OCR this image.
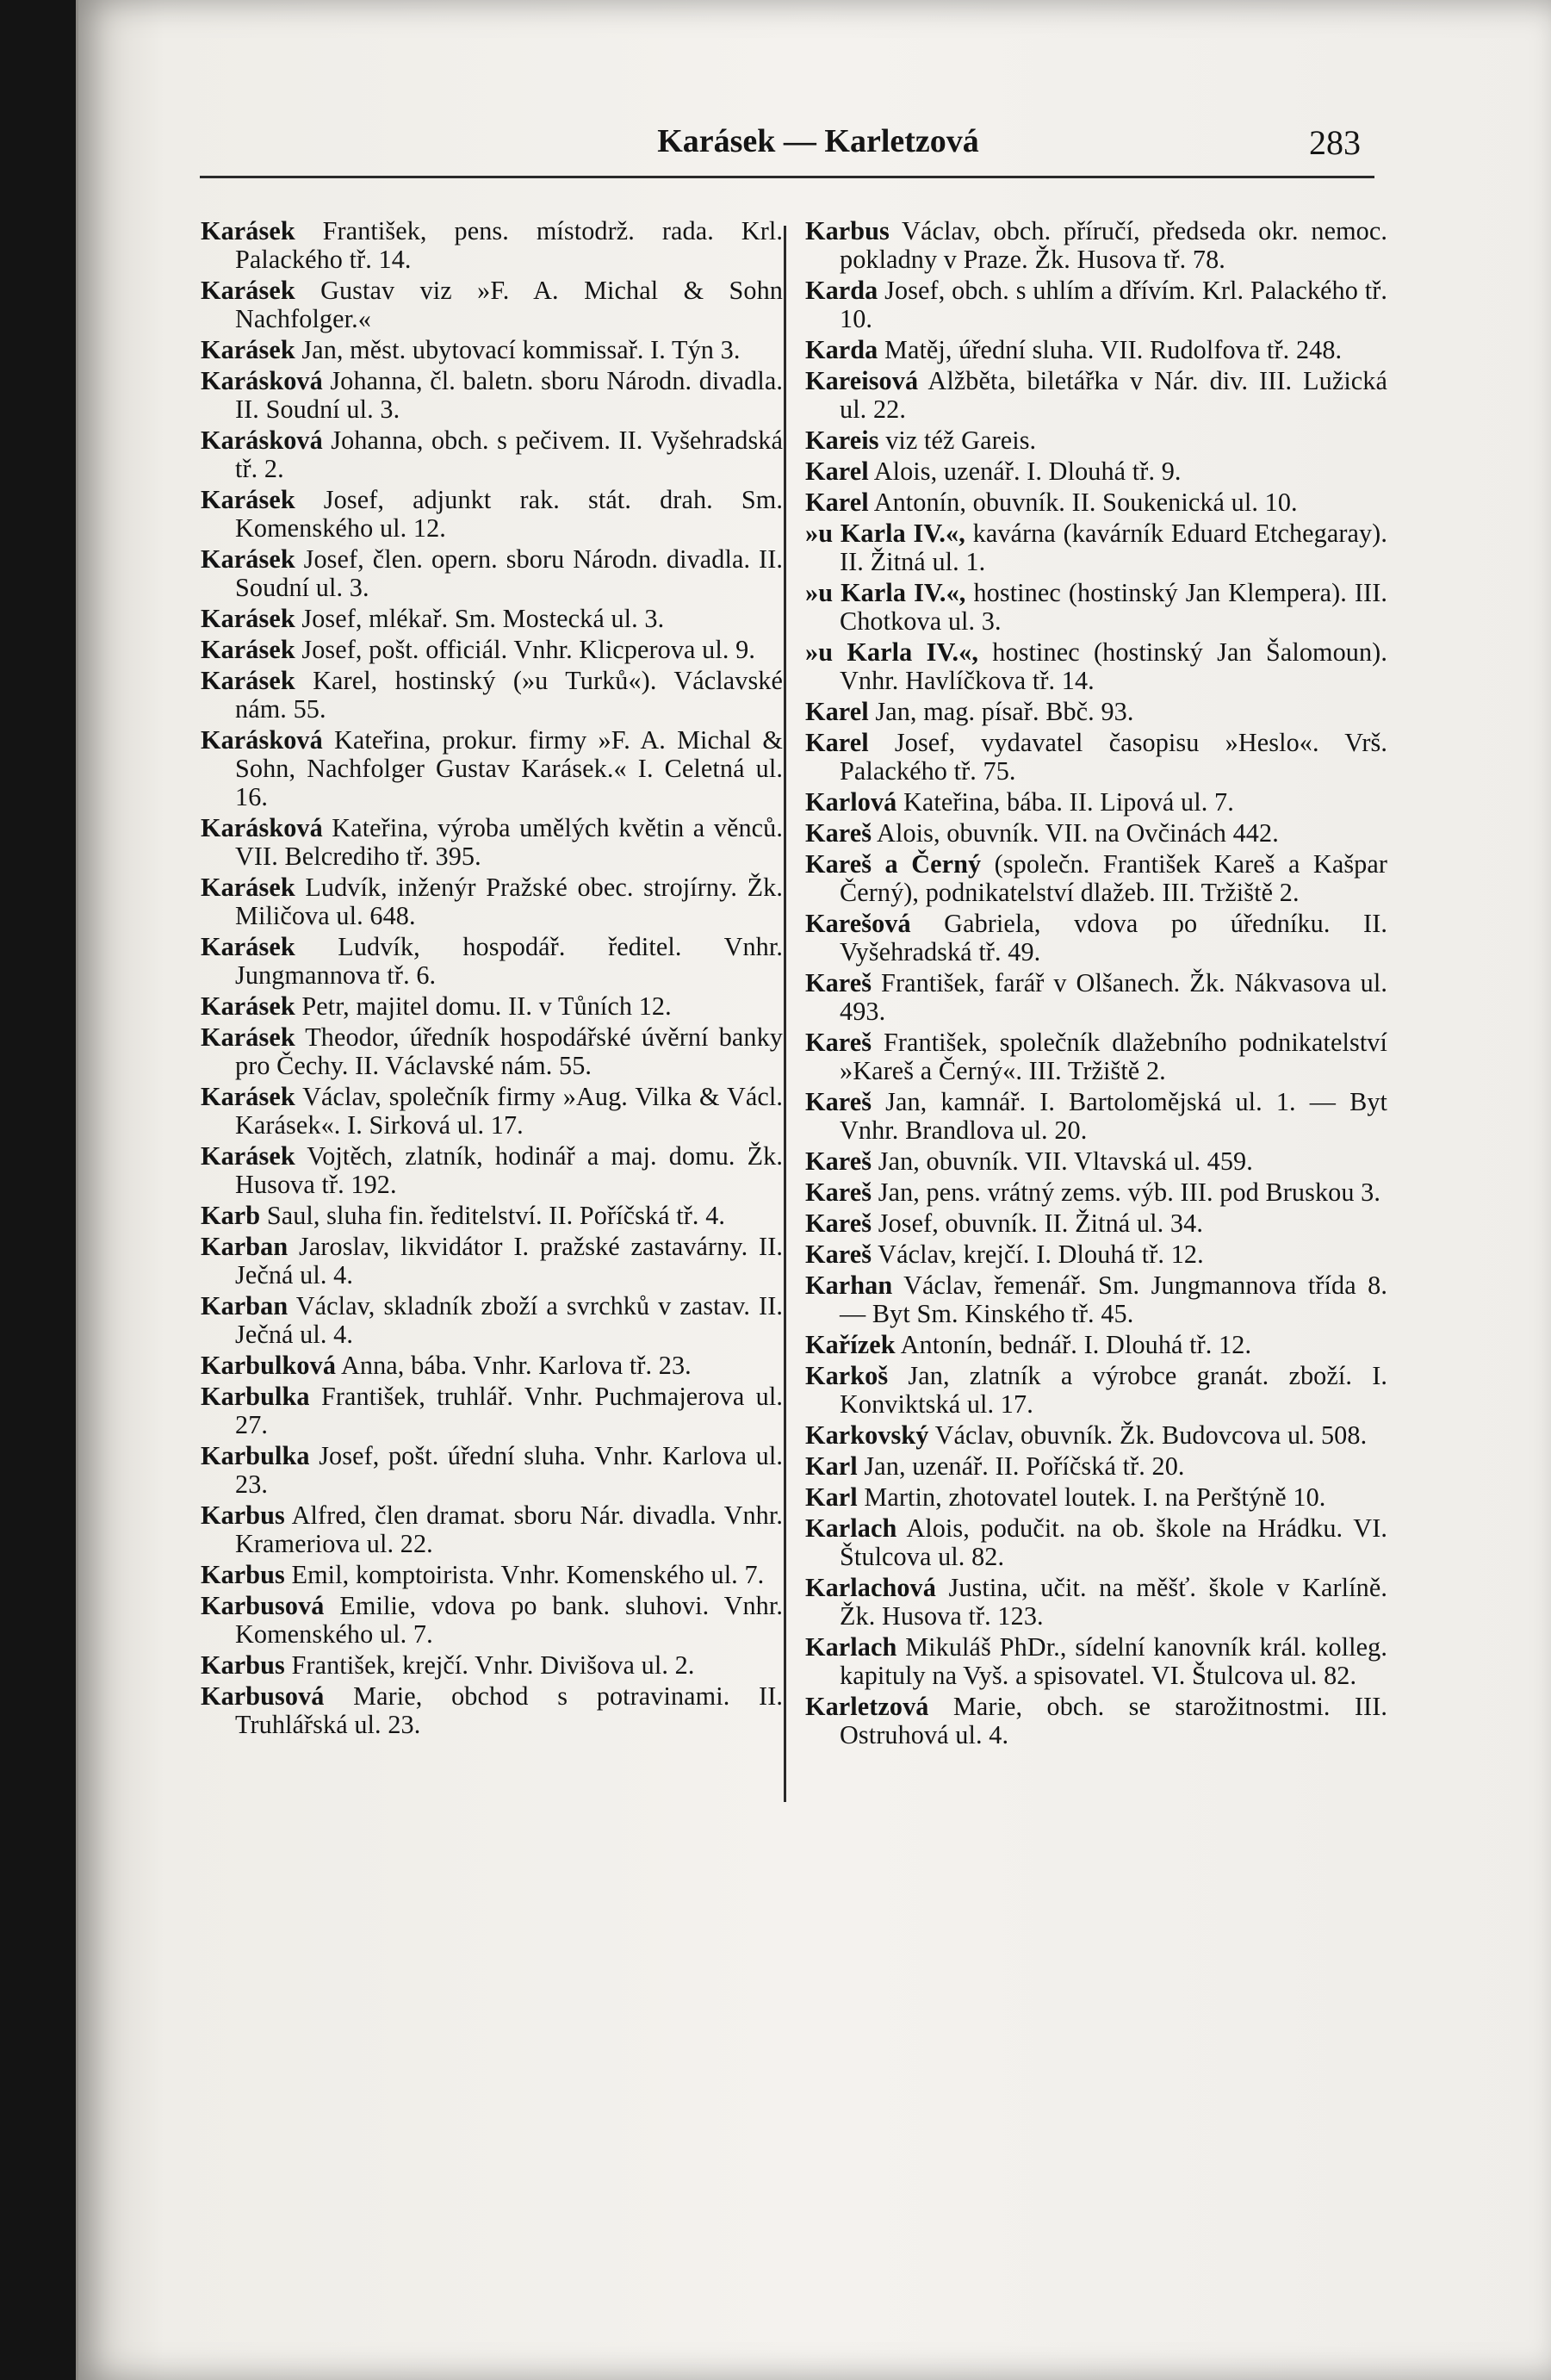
Karásek — Karletzová	283

Karásek František, pens. místodrž. rada. Krl. Palackého tř. 14.

Karásek Gustav viz »F. A. Michal & Sohn Nachfolger.«

Karásek Jan, měst. ubytovací kommissař. I. Týn 3.

Karásková Johanna, čl. baletn. sboru Národn. divadla. II. Soudní ul. 3.

Karásková Johanna, obch. s pečivem. II. Vyšehradská tř. 2.

Karásek Josef, adjunkt rak. stát. drah. Sm. Komenského ul. 12.

Karásek Josef, člen. opern. sboru Národn. divadla. II. Soudní ul. 3.

Karásek Josef, mlékař. Sm. Mostecká ul. 3.

Karásek Josef, pošt. officiál. Vnhr. Klicperova ul. 9.

Karásek Karel, hostinský (»u Turků«). Václavské nám. 55.

Karásková Kateřina, prokur. firmy »F. A. Michal & Sohn, Nachfolger Gustav Karásek.« I. Celetná ul. 16.

Karásková Kateřina, výroba umělých květin a věnců. VII. Belcrediho tř. 395.

Karásek Ludvík, inženýr Pražské obec. strojírny. Žk. Miličova ul. 648.

Karásek Ludvík, hospodář. ředitel. Vnhr. Jungmannova tř. 6.

Karásek Petr, majitel domu. II. v Tůních 12.

Karásek Theodor, úředník hospodářské úvěrní banky pro Čechy. II. Václavské nám. 55.

Karásek Václav, společník firmy »Aug. Vilka & Václ. Karásek«. I. Sirková ul. 17.

Karásek Vojtěch, zlatník, hodinář a maj. domu. Žk. Husova tř. 192.

Karb Saul, sluha fin. ředitelství. II. Poříčská tř. 4.

Karban Jaroslav, likvidátor I. pražské zastavárny. II. Ječná ul. 4.

Karban Václav, skladník zboží a svrchků v zastav. II. Ječná ul. 4.

Karbulková Anna, bába. Vnhr. Karlova tř. 23.

Karbulka František, truhlář. Vnhr. Puchmajerova ul. 27.

Karbulka Josef, pošt. úřední sluha. Vnhr. Karlova ul. 23.

Karbus Alfred, člen dramat. sboru Nár. divadla. Vnhr. Krameriova ul. 22.

Karbus Emil, komptoirista. Vnhr. Komenského ul. 7.

Karbusová Emilie, vdova po bank. sluhovi. Vnhr. Komenského ul. 7.

Karbus František, krejčí. Vnhr. Divišova ul. 2.

Karbusová Marie, obchod s potravinami. II. Truhlářská ul. 23.

Karbus Václav, obch. příručí, předseda okr. nemoc. pokladny v Praze. Žk. Husova tř. 78.

Karda Josef, obch. s uhlím a dřívím. Krl. Palackého tř. 10.

Karda Matěj, úřední sluha. VII. Rudolfova tř. 248.

Kareisová Alžběta, biletářka v Nár. div. III. Lužická ul. 22.

Kareis viz též Gareis.

Karel Alois, uzenář. I. Dlouhá tř. 9.

Karel Antonín, obuvník. II. Soukenická ul. 10.

»u Karla IV.«, kavárna (kavárník Eduard Etchegaray). II. Žitná ul. 1.

»u Karla IV.«, hostinec (hostinský Jan Klempera). III. Chotkova ul. 3.

»u Karla IV.«, hostinec (hostinský Jan Šalomoun). Vnhr. Havlíčkova tř. 14.

Karel Jan, mag. písař. Bbč. 93.

Karel Josef, vydavatel časopisu »Heslo«. Vrš. Palackého tř. 75.

Karlová Kateřina, bába. II. Lipová ul. 7.

Kareš Alois, obuvník. VII. na Ovčinách 442.

Kareš a Černý (společn. František Kareš a Kašpar Černý), podnikatelství dlažeb. III. Tržiště 2.

Karešová Gabriela, vdova po úředníku. II. Vyšehradská tř. 49.

Kareš František, farář v Olšanech. Žk. Nákvasova ul. 493.

Kareš František, společník dlažebního podnikatelství »Kareš a Černý«. III. Tržiště 2.

Kareš Jan, kamnář. I. Bartolomějská ul. 1. — Byt Vnhr. Brandlova ul. 20.

Kareš Jan, obuvník. VII. Vltavská ul. 459.

Kareš Jan, pens. vrátný zems. výb. III. pod Bruskou 3.

Kareš Josef, obuvník. II. Žitná ul. 34.

Kareš Václav, krejčí. I. Dlouhá tř. 12.

Karhan Václav, řemenář. Sm. Jungmannova třída 8. — Byt Sm. Kinského tř. 45.

Kařízek Antonín, bednář. I. Dlouhá tř. 12.

Karkoš Jan, zlatník a výrobce granát. zboží. I. Konviktská ul. 17.

Karkovský Václav, obuvník. Žk. Budovcova ul. 508.

Karl Jan, uzenář. II. Poříčská tř. 20.

Karl Martin, zhotovatel loutek. I. na Perštýně 10.

Karlach Alois, podučit. na ob. škole na Hrádku. VI. Štulcova ul. 82.

Karlachová Justina, učit. na měšť. škole v Karlíně. Žk. Husova tř. 123.

Karlach Mikuláš PhDr., sídelní kanovník král. kolleg. kapituly na Vyš. a spisovatel. VI. Štulcova ul. 82.

Karletzová Marie, obch. se starožitnostmi. III. Ostruhová ul. 4.
